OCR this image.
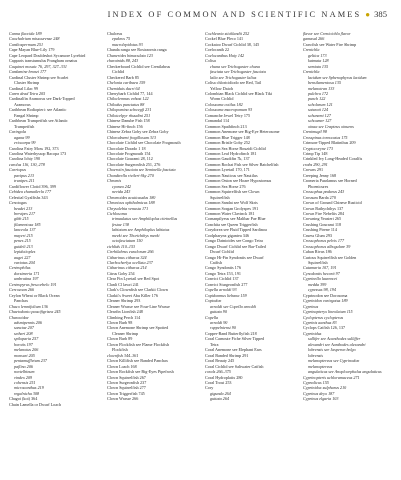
INDEX OF COMMON AND SCIENTIFIC NAMES ● 385
Canna flaccida 189
Caochalrium missourense 248
Cardiospermum 251
Cape Mayan Blue-Lily 179
Cape Leopard Doubleshot Sycamore Lyrebird
Capparis transtumulus Prangham ornatus
Caquinet mosaic 76, 297, 327–331
Cardamine bronzi 177
Cardinal Cluster Shrimp see Scarlet
Cluster Shrimp
Cardinal Lilac 99
Caren dead Tetra 205
Cardinalfin Aramorus see Dark-Topped
Aramorus
Caribbean Rodiopteri: see Atlantic
Fangal Shrimp
Caribbean Trumpetfish see Atlantic
Trumpetfish
Caringola
agana 99
eriocarpa 99
Carolina Fairy Moss 192, 373
Carolina Waterhyssop Bacopa 173
Carolina Ichty 190
carolus 116, 130, 278
Carriopus
pavipus 213
trunipes 211
Cardiflower Clotid 396, 399
Cebidea chamailerla 177
Celestial Gyalfishs 343
Cenotogas
beadei 213
brevipes 217
gibb 215
filamentosa 185
lanceola 137
mayeri 215
penes 215
guideli 213
lepidotioples
augei 227
variatus 204
Centrophilus
dorsimeria 171
umbratina 197
Centropyrus frescorbelo 191
Cercozoan 266
Ceylon Wheat or Black Ocean
Panchax
Chaco lemnifolium 136
Chaetodonto paucifigrisea 245
Characidae
adsmipennis 206
sanctae 207
setheri 208
spiloparia 257
horotis 197
melanotus 206
monsuri 205
pentamuffletum 237
paflino 206
novtelbinum
vindex 209
cohensis 251
micracanthus 219
regalnicha 308
Chagoi (koi) 364
Chain Lamella or Dwarf Loach
Chalceus
epakros 75
macrolepidotus 93
Chanda ranga see Rostraornis ranga
Chanerides bimaculata 123
charainids 88, 243
Checkerboard Cichlid see Crenilabrus
Cichlid
Checkered Barb 85
Chelonia caribaea 159
Chemiduis dacri 64
Cherrybarb Cichlid 77, 144
Chiloclemnas vebast 122
Chilodus punctatus 88
Chilopomina schwegfi 231
Chilotcelpyr rhuudini 251
Chinese Danube Fish 158
Chinese Hi-finch 156
Chinese Zebra Goby see Zebra Goby
Chlorodnemi fragillosum 313
Chocolate Cichlid see Chocolate Frogmouth
Chocolate Dorado 1 18
Chocolate Frogmouth 154
Chocolate Gourami 28, 112
Chocolate Surgeonfish 251, 276
Choeroiin fasciata see Seminella fasciata
Chondtrella rivileri-Sky 270
Chromis
cyanea 242
nevida 243
Chromoides acuticaudus 180
Chronicus ophthalmicus 188
Chrysolebia venusta 171
Cichlosoma
trimaulatus see Amphiloplus citrinellus
festae 138
labiatum see Amphiloplus labiatus
meeki see Thorichthys meeki
octofasciatum 150
cichlids 110–153
Cirrhilabrus euralorum 266
Citharinus citharus 324
Clarbocherlya ocellata 237
Citharinus citharus 214
Citrus Goby 254
Clear Fin Lyretail see Red Spot
Clanli Cl lawri 241
Clark's Clownfish see Clarkii Clown
Clarkii's Sweet Abu Killer 176
Cleaner Shrimp 293
Cleaner Wrasse see Four-Line Wrasse
Clearfin Lionfish 248
Climbing Perch 114
Clown Barb 98
Clown Anemone Shrimp see Spotted
Cleaner Shrimp
Clown Barb 89
Clown Flockfish see Flame Flockfish
Flockfish
clownfish 344–361
Clown Killifish see Banded Panchax
Clown Loach 168
Clown Rockfish see Big-Eyes Pipefrosh
Clown Squirrelfish 267
Clown Surgeonfish 237
Clown Squirrelfish 277
Clown Triggerfish 745
Clown Wrasse 266
Cochlearia sticklandii 252
Cockel Blue Pleco 141
Cockatoo Dwarf Cichlid 38, 145
Coelocanth 22
Coelocanthus Haiy 142
Colisa
chuna see Trichogaster chuna
fasciata see Trichogaster fasciata
lalia see Trichogaster lalius
Colisa chloricidiodo see Red, Tail
Yellow Daioh
Colombian Black Cichlid see Black Tiki
Worm Cichlid
Colossoma cotilus 182
Colossoma macropomum 93
Comanche Jewel Tetry 175
Comandal 114
Common Spathfinch 213
Common Anemone see Big-Eye Heterosome
Common Blue Trigger 148
Common Bristle Goby 252
Common Sea Horse Bouzidi Cichlid
Common Leaf Hydrofinch 181
Common Gaudifin 7k, 137
Common Rochat Fish see Silver Batchelfish
Common Lyretail 170, 171
Common Nauticus see Nautilus
Common Onion see Hoare Hypostomus
Common Sea Horse 276
Common Squirrelfish see Clown
Squirrelfish
Common Sandat see Wolf Skris
Common Sorgan Grolyspes 191
Common Water Clavinck 181
Cornanpilyeus see Malibar Pae Blue
Conchita see Queen Triggerfish
Corydorea see Fluid Tipped Sardinoa
Coolpharynx gigantea 346
Congo Datnioides see Congo Tetra
Congo Dwarf Cichlid see Bar-Tailed
Dwarf Cichlid
Congo Hi-Fin Syndontis see Dwarf
Catfish
Congo Syndontis 176
Congo Tetra 153, 191
Convict Cichlid 137
Convict Sturgeonfish 277
Copella arnoldi 93
Copidonmus liebana 159
Coptodon
arnoldi see Copella arnoldi
guttata 90
Copella
arnoldi 90
ruppelniensi 90
Copper-Band Butterflyfish 218
Coral Carnoute Fiche Silver Tipped
Tetra
Coral Anemone see Elephant Ears
Coral Banded Shrimp 291
Coral Beauty 245
Coral Cichlid see Saltwater Catfish
corals 266–375
Coral Hydroplatix 280
Coral Trout 253
Cory
gigunda 264
guttata 264
flavor see Crenicichla flavor
gamasal 266
Crawfish see Water Fire Shrimp
Crenichla
geltica 173
katmata 128
semiata 135
Crenichla
lacidum see Sphenophyrus lacidum
bensilamentosa 135
melanotran 133
pulchra 172
punch 122
scholarum 121
saturati 124
schunemi 127
schoumer 127
oinaa see Crapteus oinuens
Crenimugil 98
Crosspinus tornocatus 175
Crimson-Tipped Blatinthus 209
Cryptocoryne 173
Crimp Tip 148
Crinkled Ivy Long-Headed Coralfis
crabs 290, 291
Crowns 291
Creeping Jenny 168
Cromeria Paarlamus see Horned
Phoenicures
Crossophus pedaeus 243
Crossum Barda 270
Crown of Ground Chinese Rusticid
Crown Bathychthys 137
Crown Fire Nebeliis 284
Crowning Yeasteri 265
Crushing Gourami 118
Crushing Pirene 114
Cruess Glum 293
Crossophorus pelvis 177
Crossophorus albogulare 39
Cuban Rivus 186
Curious Squirrelfish see Golden
Squirrelfish
Cutamaria 107, 191
Cynodontis hecarit 97
Cyprinella laurencei
medda 399
cypessus 98, 194
Cyprinodon see Dorosoma
Cyprinidon variegatus 189
Cyprinus
Cyprinapteryx lineolatum 115
Cyclopterus cyclopterus
Cyprinis aanthus 83
Cyclops Catfish 126, 137
Cyprinidus
sullifer see Acanthodes sulliffer
alexandri see Aanthodes alexandri
lobrensis see Jasperon belgo
lobrensis
melanoptereus see Cyprinodon
melanoptereus
angulaticus see Anoplocephalus angulaticus
Cyprinopteris uchloramaceus 271
Cypnolicus 155
Cyprinidox sulphurus 210
Cyprinus deyo 187
Cyprinus elgaria 103
